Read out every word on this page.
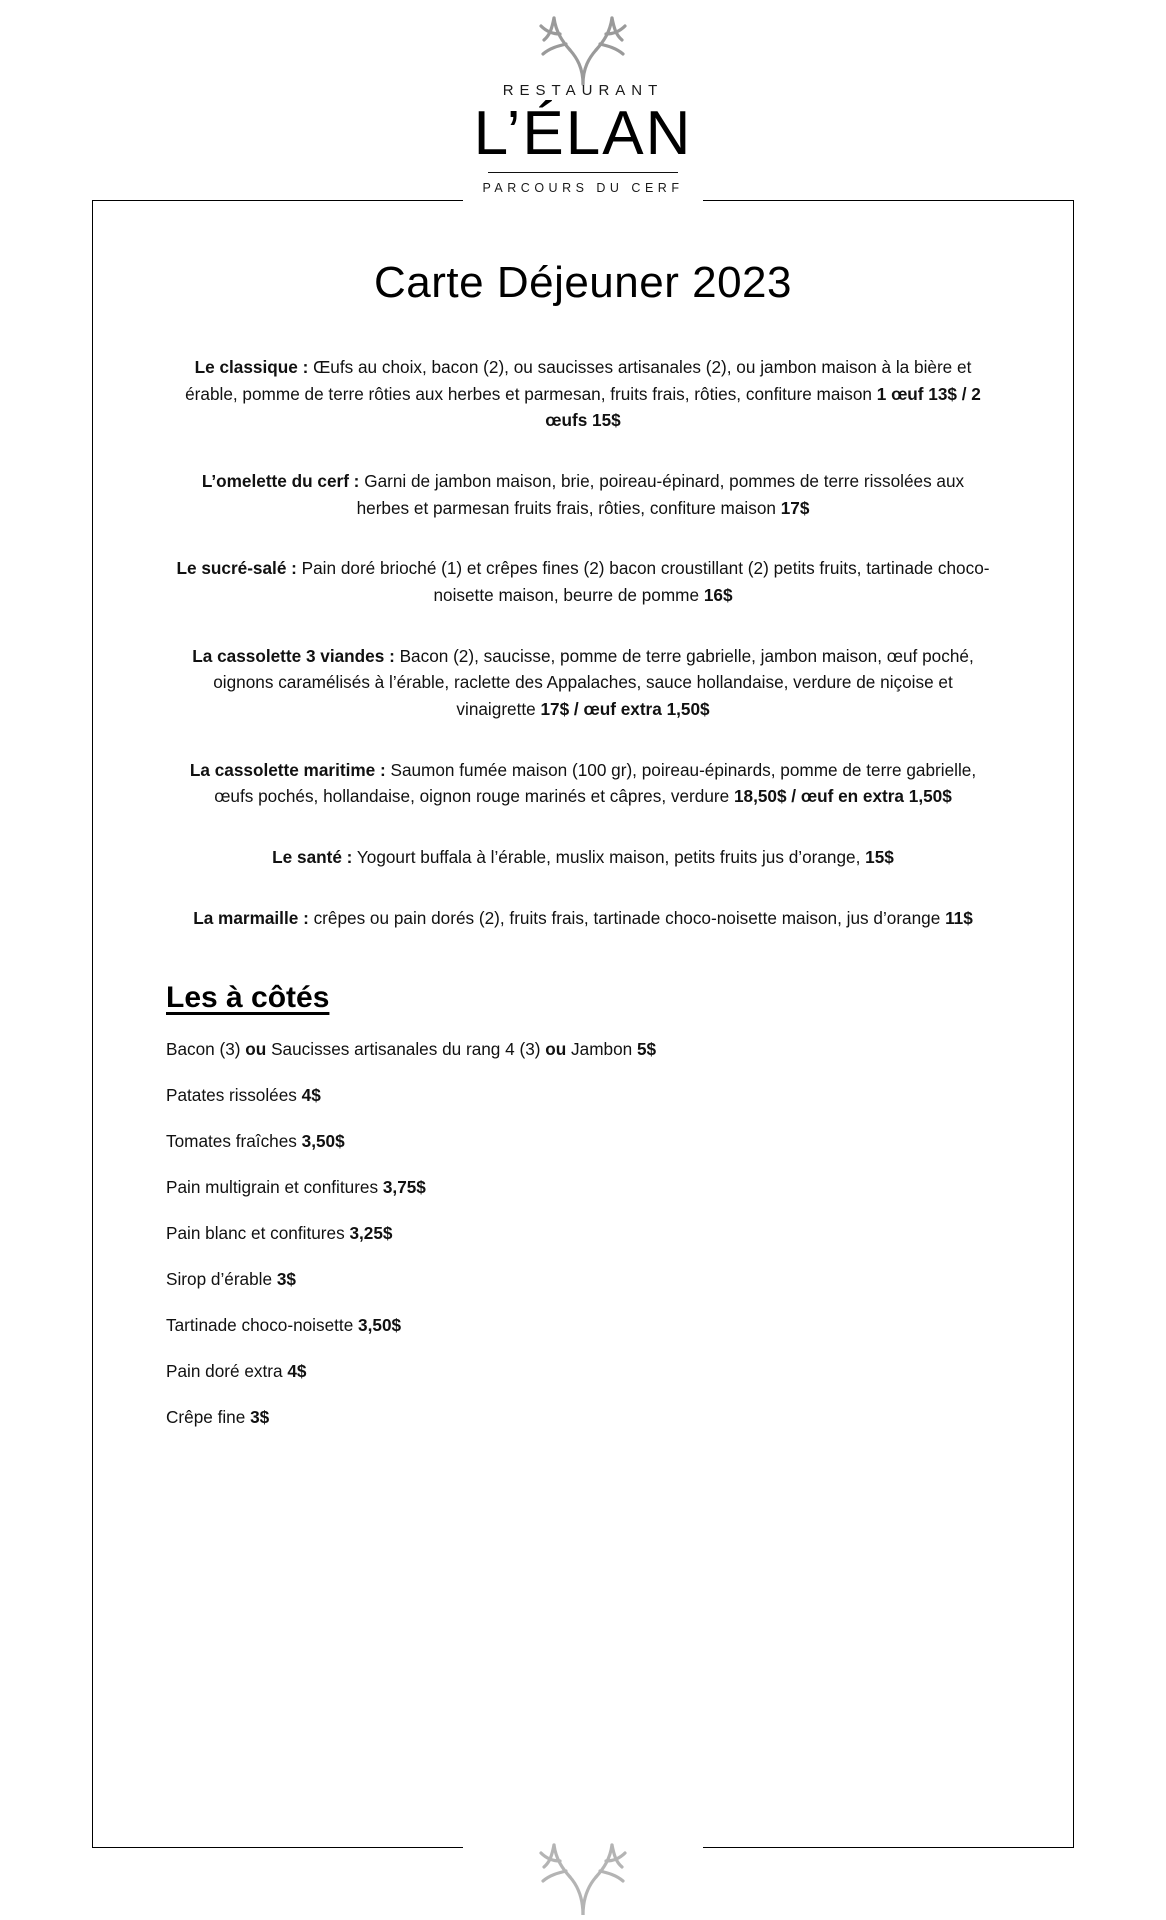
RESTAURANT
L’ÉLAN
PARCOURS DU CERF
Carte Déjeuner 2023

Le classique : Œufs au choix, bacon (2), ou saucisses artisanales (2), ou jambon maison à la bière et érable, pomme de terre rôties aux herbes et parmesan, fruits frais, rôties, confiture maison 1 œuf 13$ / 2 œufs 15$

L’omelette du cerf : Garni de jambon maison, brie, poireau-épinard, pommes de terre rissolées aux herbes et parmesan fruits frais, rôties, confiture maison 17$

Le sucré-salé : Pain doré brioché (1) et crêpes fines (2) bacon croustillant (2) petits fruits, tartinade choco-noisette maison, beurre de pomme 16$

La cassolette 3 viandes : Bacon (2), saucisse, pomme de terre gabrielle, jambon maison, œuf poché, oignons caramélisés à l’érable, raclette des Appalaches, sauce hollandaise, verdure de niçoise et vinaigrette 17$ / œuf extra 1,50$

La cassolette maritime : Saumon fumée maison (100 gr), poireau-épinards, pomme de terre gabrielle, œufs pochés, hollandaise, oignon rouge marinés et câpres, verdure 18,50$ / œuf en extra 1,50$

Le santé : Yogourt buffala à l’érable, muslix maison, petits fruits jus d’orange, 15$

La marmaille : crêpes ou pain dorés (2), fruits frais, tartinade choco-noisette maison, jus d’orange 11$

Les à côtés
Bacon (3) ou Saucisses artisanales du rang 4 (3) ou Jambon 5$
Patates rissolées 4$
Tomates fraîches 3,50$
Pain multigrain et confitures 3,75$
Pain blanc et confitures 3,25$
Sirop d’érable 3$
Tartinade choco-noisette 3,50$
Pain doré extra 4$
Crêpe fine 3$
